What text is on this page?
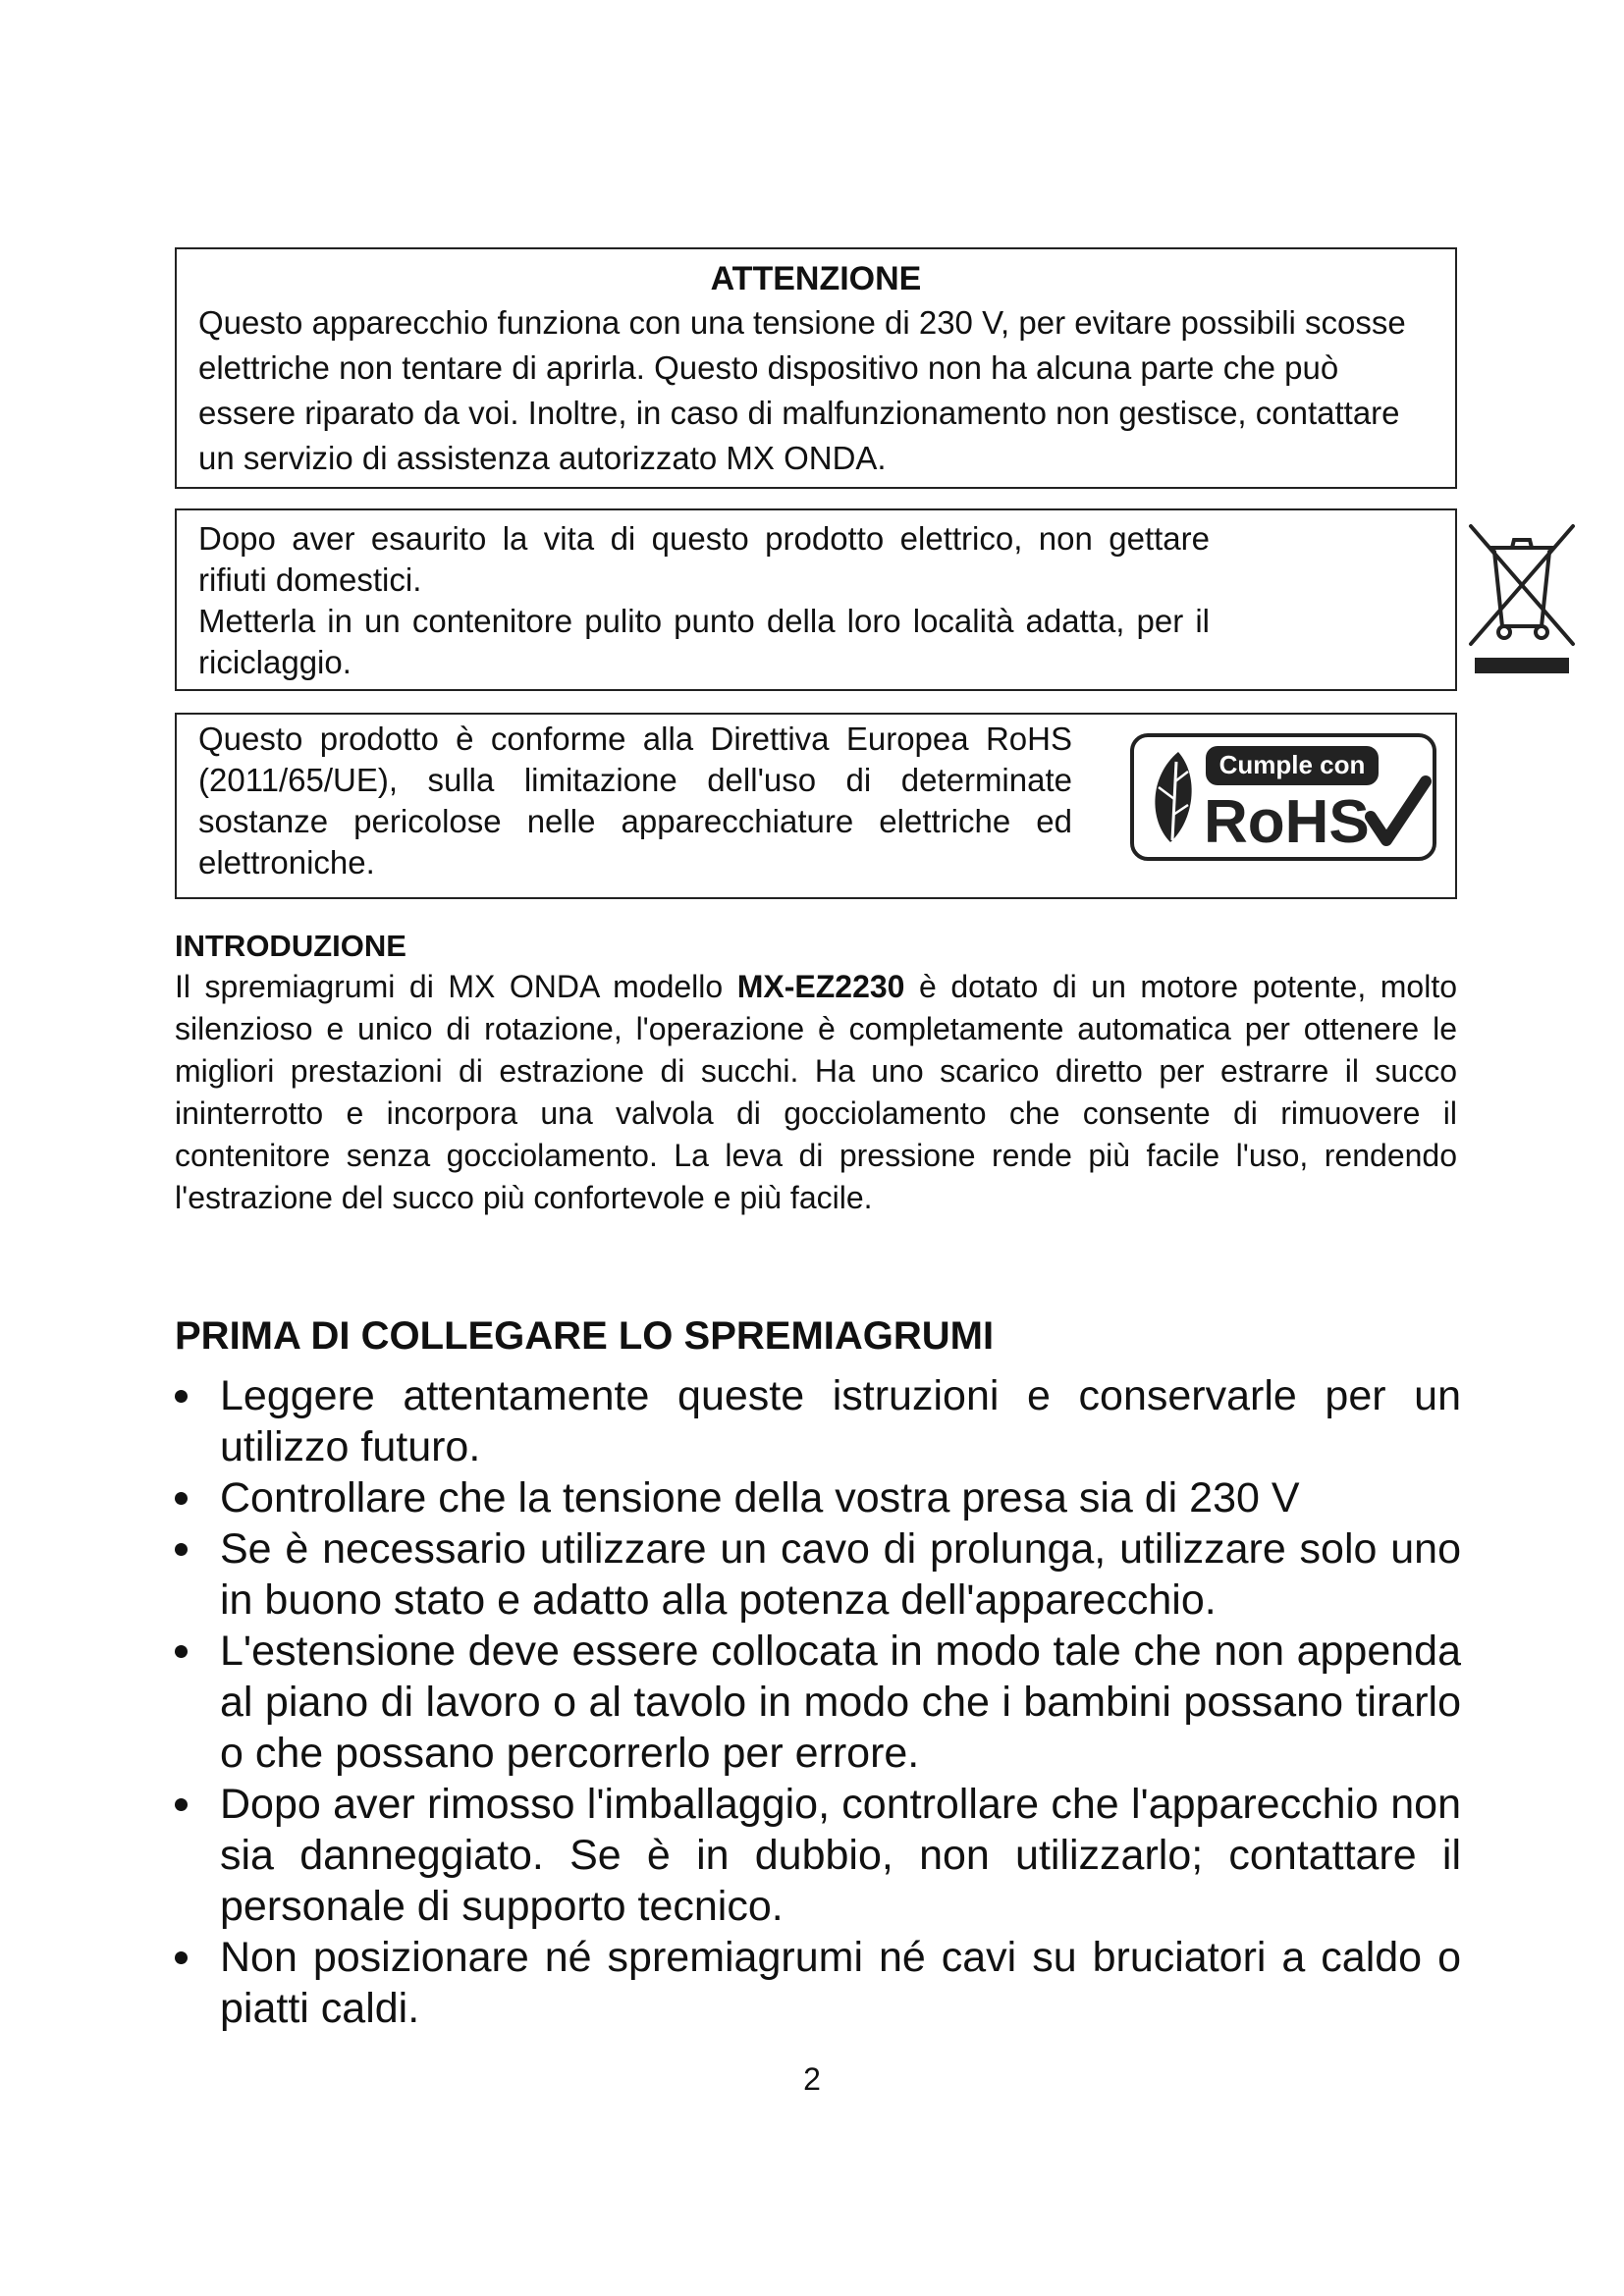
ATTENZIONE
Questo apparecchio funziona con una tensione di 230 V, per evitare possibili scosse elettriche non tentare di aprirla. Questo dispositivo non ha alcuna parte che può essere riparato da voi. Inoltre, in caso di malfunzionamento non gestisce, contattare un servizio di assistenza autorizzato MX ONDA.

Dopo aver esaurito la vita di questo prodotto elettrico, non gettare rifiuti domestici.

Metterla in un contenitore pulito punto della loro località adatta, per il riciclaggio.

Questo prodotto è conforme alla Direttiva Europea RoHS (2011/65/UE), sulla limitazione dell'uso di determinate sostanze pericolose nelle apparecchiature elettriche ed elettroniche.
Cumple con
RoHS
INTRODUZIONE
Il spremiagrumi di MX ONDA modello MX-EZ2230 è dotato di un motore potente, molto silenzioso e unico di rotazione, l'operazione è completamente automatica per ottenere le migliori prestazioni di estrazione di succhi. Ha uno scarico diretto per estrarre il succo ininterrotto e incorpora una valvola di gocciolamento che consente di rimuovere il contenitore senza gocciolamento. La leva di pressione rende più facile l'uso, rendendo l'estrazione del succo più confortevole e più facile.
PRIMA DI COLLEGARE LO SPREMIAGRUMI
Leggere attentamente queste istruzioni e conservarle per un utilizzo futuro.
Controllare che la tensione della vostra presa sia di 230 V
Se è necessario utilizzare un cavo di prolunga, utilizzare solo uno in buono stato e adatto alla potenza dell'apparecchio.
L'estensione deve essere collocata in modo tale che non appenda al piano di lavoro o al tavolo in modo che i bambini possano tirarlo o che possano percorrerlo per errore.
Dopo aver rimosso l'imballaggio, controllare che l'apparecchio non sia danneggiato. Se è in dubbio, non utilizzarlo; contattare il personale di supporto tecnico.
Non posizionare né spremiagrumi né cavi su bruciatori a caldo o piatti caldi.
2
